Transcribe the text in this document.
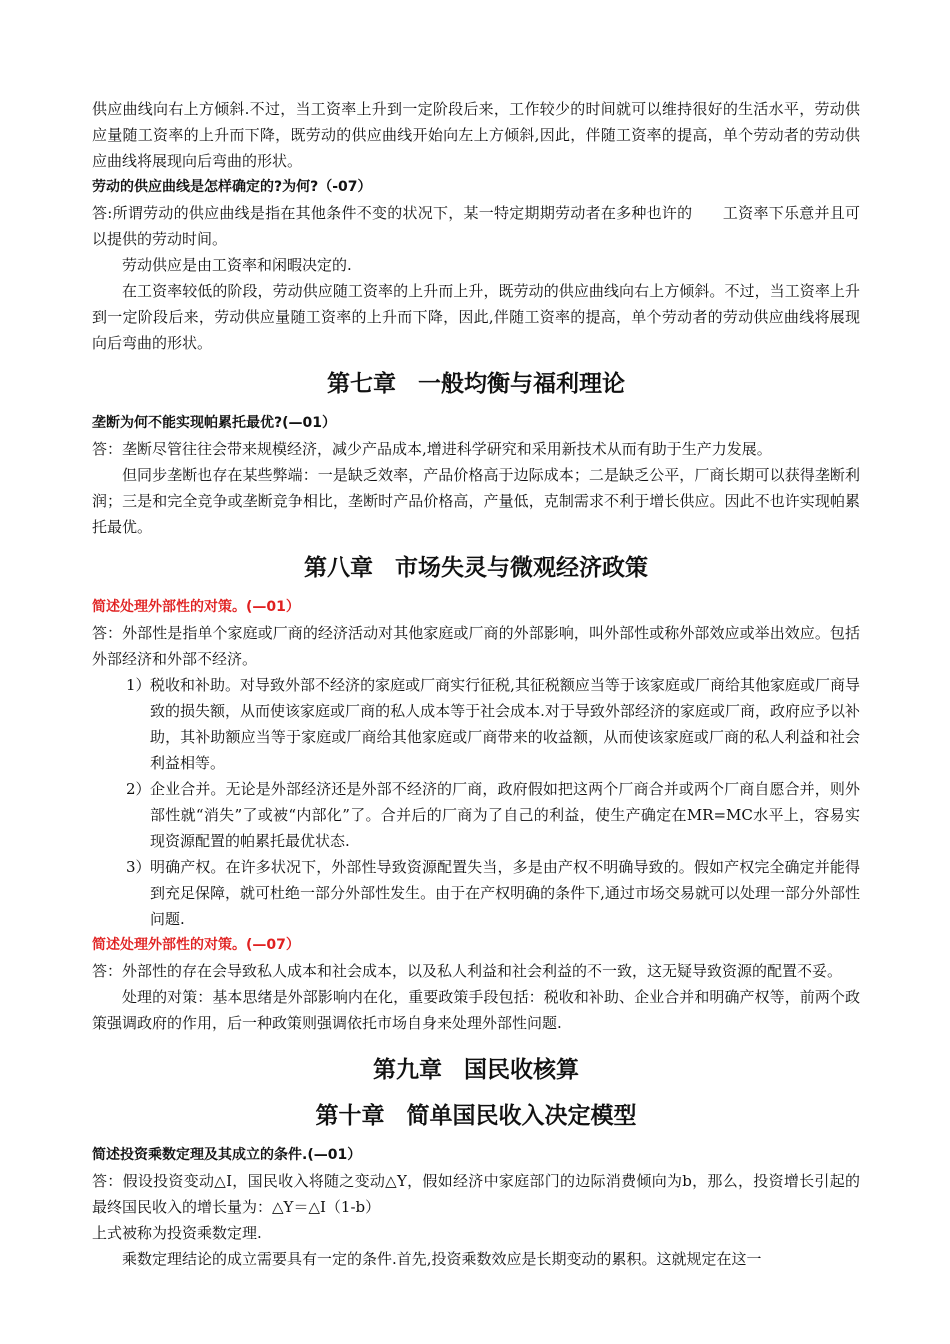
供应曲线向右上方倾斜.不过，当工资率上升到一定阶段后来，工作较少的时间就可以维持很好的生活水平，劳动供应量随工资率的上升而下降，既劳动的供应曲线开始向左上方倾斜,因此，伴随工资率的提高，单个劳动者的劳动供应曲线将展现向后弯曲的形状。

劳动的供应曲线是怎样确定的?为何?（-07）

答:所谓劳动的供应曲线是指在其他条件不变的状况下，某一特定期期劳动者在多种也许的　　工资率下乐意并且可以提供的劳动时间。

劳动供应是由工资率和闲暇决定的.

在工资率较低的阶段，劳动供应随工资率的上升而上升，既劳动的供应曲线向右上方倾斜。不过，当工资率上升到一定阶段后来，劳动供应量随工资率的上升而下降，因此,伴随工资率的提高，单个劳动者的劳动供应曲线将展现向后弯曲的形状。

第七章 一般均衡与福利理论

垄断为何不能实现帕累托最优?(—01）

答：垄断尽管往往会带来规模经济，减少产品成本,增进科学研究和采用新技术从而有助于生产力发展。

但同步垄断也存在某些弊端：一是缺乏效率，产品价格高于边际成本；二是缺乏公平，厂商长期可以获得垄断利润；三是和完全竞争或垄断竞争相比，垄断时产品价格高，产量低，克制需求不利于增长供应。因此不也许实现帕累托最优。

第八章 市场失灵与微观经济政策

简述处理外部性的对策。(—01）

答：外部性是指单个家庭或厂商的经济活动对其他家庭或厂商的外部影响，叫外部性或称外部效应或举出效应。包括外部经济和外部不经济。

1） 税收和补助。对导致外部不经济的家庭或厂商实行征税,其征税额应当等于该家庭或厂商给其他家庭或厂商导致的损失额，从而使该家庭或厂商的私人成本等于社会成本.对于导致外部经济的家庭或厂商，政府应予以补助，其补助额应当等于家庭或厂商给其他家庭或厂商带来的收益额，从而使该家庭或厂商的私人利益和社会利益相等。
2） 企业合并。无论是外部经济还是外部不经济的厂商，政府假如把这两个厂商合并或两个厂商自愿合并，则外部性就“消失”了或被“内部化”了。合并后的厂商为了自己的利益，使生产确定在MR=MC水平上，容易实现资源配置的帕累托最优状态.
3） 明确产权。在许多状况下，外部性导致资源配置失当，多是由产权不明确导致的。假如产权完全确定并能得到充足保障，就可杜绝一部分外部性发生。由于在产权明确的条件下,通过市场交易就可以处理一部分外部性问题.

简述处理外部性的对策。(—07）

答：外部性的存在会导致私人成本和社会成本，以及私人利益和社会利益的不一致，这无疑导致资源的配置不妥。

处理的对策：基本思绪是外部影响内在化，重要政策手段包括：税收和补助、企业合并和明确产权等，前两个政策强调政府的作用，后一种政策则强调依托市场自身来处理外部性问题.

第九章 国民收核算
第十章 简单国民收入决定模型

简述投资乘数定理及其成立的条件.(—01）

答：假设投资变动△I，国民收入将随之变动△Y，假如经济中家庭部门的边际消费倾向为b，那么，投资增长引起的最终国民收入的增长量为：△Y＝△I（1-b）

上式被称为投资乘数定理.

乘数定理结论的成立需要具有一定的条件.首先,投资乘数效应是长期变动的累积。这就规定在这一
